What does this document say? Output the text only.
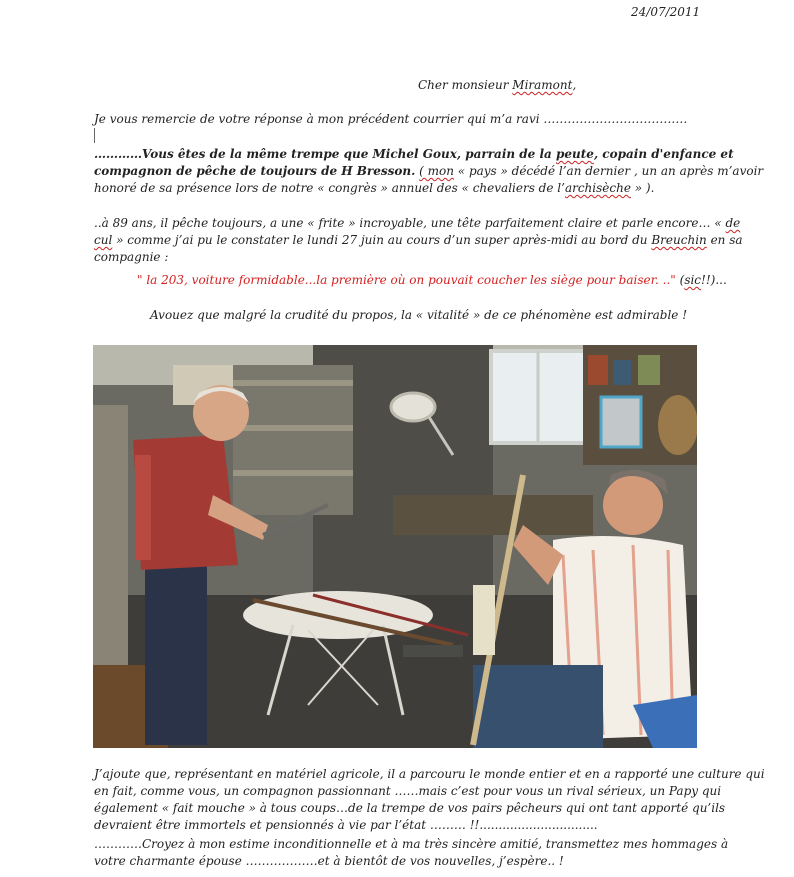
24/07/2011
Cher monsieur Miramont,
Je vous remercie de votre réponse à mon précédent courrier qui m’a ravi ………………………………
…………Vous êtes de la même trempe que Michel Goux, parrain de la peute, copain d'enfance et
compagnon de pêche de toujours de H Bresson. ( mon « pays » décédé l’an dernier , un an après m’avoir
honoré de sa présence lors de notre « congrès » annuel des « chevaliers de l’archisèche » ).
..à 89 ans, il pêche toujours, a une « frite » incroyable, une tête parfaitement claire et parle encore… « de
cul » comme j’ai pu le constater le lundi 27 juin au cours d’un super après-midi au bord du Breuchin en sa
compagnie :
" la 203, voiture formidable...la première où on pouvait coucher les siège pour baiser. .." (sic!!)...
Avouez que malgré la crudité du propos, la « vitalité » de ce phénomène est admirable !
J’ajoute que, représentant en matériel agricole, il a parcouru le monde entier et en a rapporté une culture qui
en fait, comme vous, un compagnon passionnant ……mais c’est pour vous un rival sérieux, un Papy qui
également « fait mouche » à tous coups…de la trempe de vos pairs pêcheurs qui ont tant apporté qu’ils
devraient être immortels et pensionnés à vie par l’état ……… !!...............................
…………Croyez à mon estime inconditionnelle et à ma très sincère amitié, transmettez mes hommages à
votre charmante épouse ………………et à bientôt de vos nouvelles, j’espère.. !
